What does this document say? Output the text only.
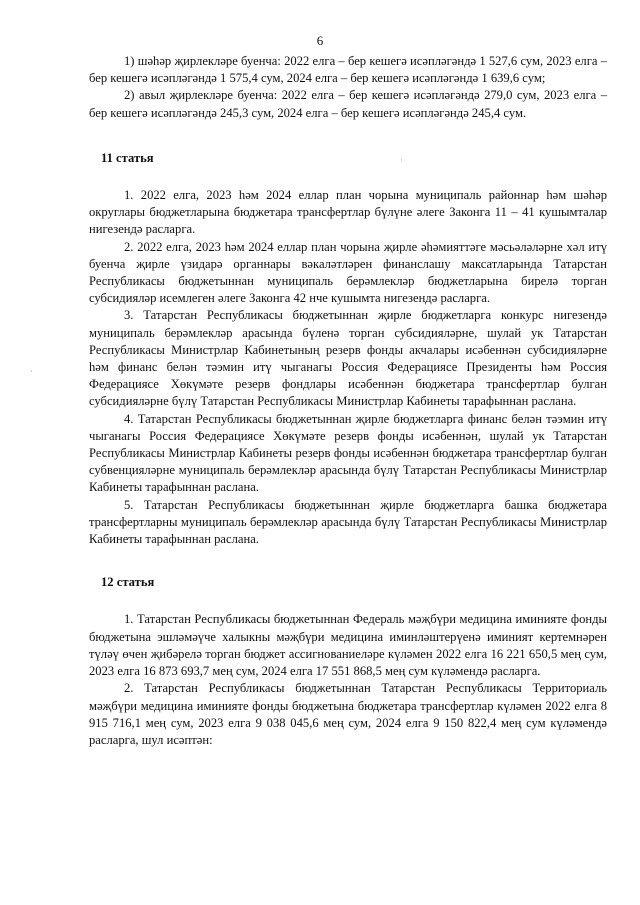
6

1) шәһәр җирлекләре буенча: 2022 елга – бер кешегә исәпләгәндә 1 527,6 сум, 2023 елга – бер кешегә исәпләгәндә 1 575,4 сум, 2024 елга – бер кешегә исәпләгәндә 1 639,6 сум;

2) авыл җирлекләре буенча: 2022 елга – бер кешегә исәпләгәндә 279,0 сум, 2023 елга – бер кешегә исәпләгәндә 245,3 сум, 2024 елга – бер кешегә исәпләгәндә 245,4 сум.

11 статья

1. 2022 елга, 2023 һәм 2024 еллар план чорына муниципаль районнар һәм шәһәр округлары бюджетларына бюджетара трансфертлар бүлүне әлеге Законга 11 – 41 кушымталар нигезендә расларга.

2. 2022 елга, 2023 һәм 2024 еллар план чорына җирле әһәмияттәге мәсьәләләрне хәл итү буенча җирле үзидарә органнары вәкаләтләрен финанслашу максатларында Татарстан Республикасы бюджетыннан муниципаль берәмлекләр бюджетларына бирелә торган субсидияләр исемлеген әлеге Законга 42 нче кушымта нигезендә расларга.

3. Татарстан Республикасы бюджетыннан җирле бюджетларга конкурс нигезендә муниципаль берәмлекләр арасында бүленә торган субсидияләрне, шулай ук Татарстан Республикасы Министрлар Кабинетының резерв фонды акчалары исәбеннән субсидияләрне һәм финанс белән тәэмин итү чыганагы Россия Федерациясе Президенты һәм Россия Федерациясе Хөкүмәте резерв фондлары исәбеннән бюджетара трансфертлар булган субсидияләрне бүлү Татарстан Республикасы Министрлар Кабинеты тарафыннан раслана.

4. Татарстан Республикасы бюджетыннан җирле бюджетларга финанс белән тәэмин итү чыганагы Россия Федерациясе Хөкүмәте резерв фонды исәбеннән, шулай ук Татарстан Республикасы Министрлар Кабинеты резерв фонды исәбеннән бюджетара трансфертлар булган субвенцияләрне муниципаль берәмлекләр арасында бүлү Татарстан Республикасы Министрлар Кабинеты тарафыннан раслана.

5. Татарстан Республикасы бюджетыннан җирле бюджетларга башка бюджетара трансфертларны муниципаль берәмлекләр арасында бүлү Татарстан Республикасы Министрлар Кабинеты тарафыннан раслана.

12 статья

1. Татарстан Республикасы бюджетыннан Федераль мәҗбүри медицина иминияте фонды бюджетына эшләмәүче халыкны мәҗбүри медицина иминләштерүенә иминият кертемнәрен түләү өчен җибәрелә торган бюджет ассигнованиеләре күләмен 2022 елга 16 221 650,5 мең сум, 2023 елга 16 873 693,7 мең сум, 2024 елга 17 551 868,5 мең сум күләмендә расларга.

2. Татарстан Республикасы бюджетыннан Татарстан Республикасы Территориаль мәҗбүри медицина иминияте фонды бюджетына бюджетара трансфертлар күләмен 2022 елга 8 915 716,1 мең сум, 2023 елга 9 038 045,6 мең сум, 2024 елга 9 150 822,4 мең сум күләмендә расларга, шул исәптән:

·
·
